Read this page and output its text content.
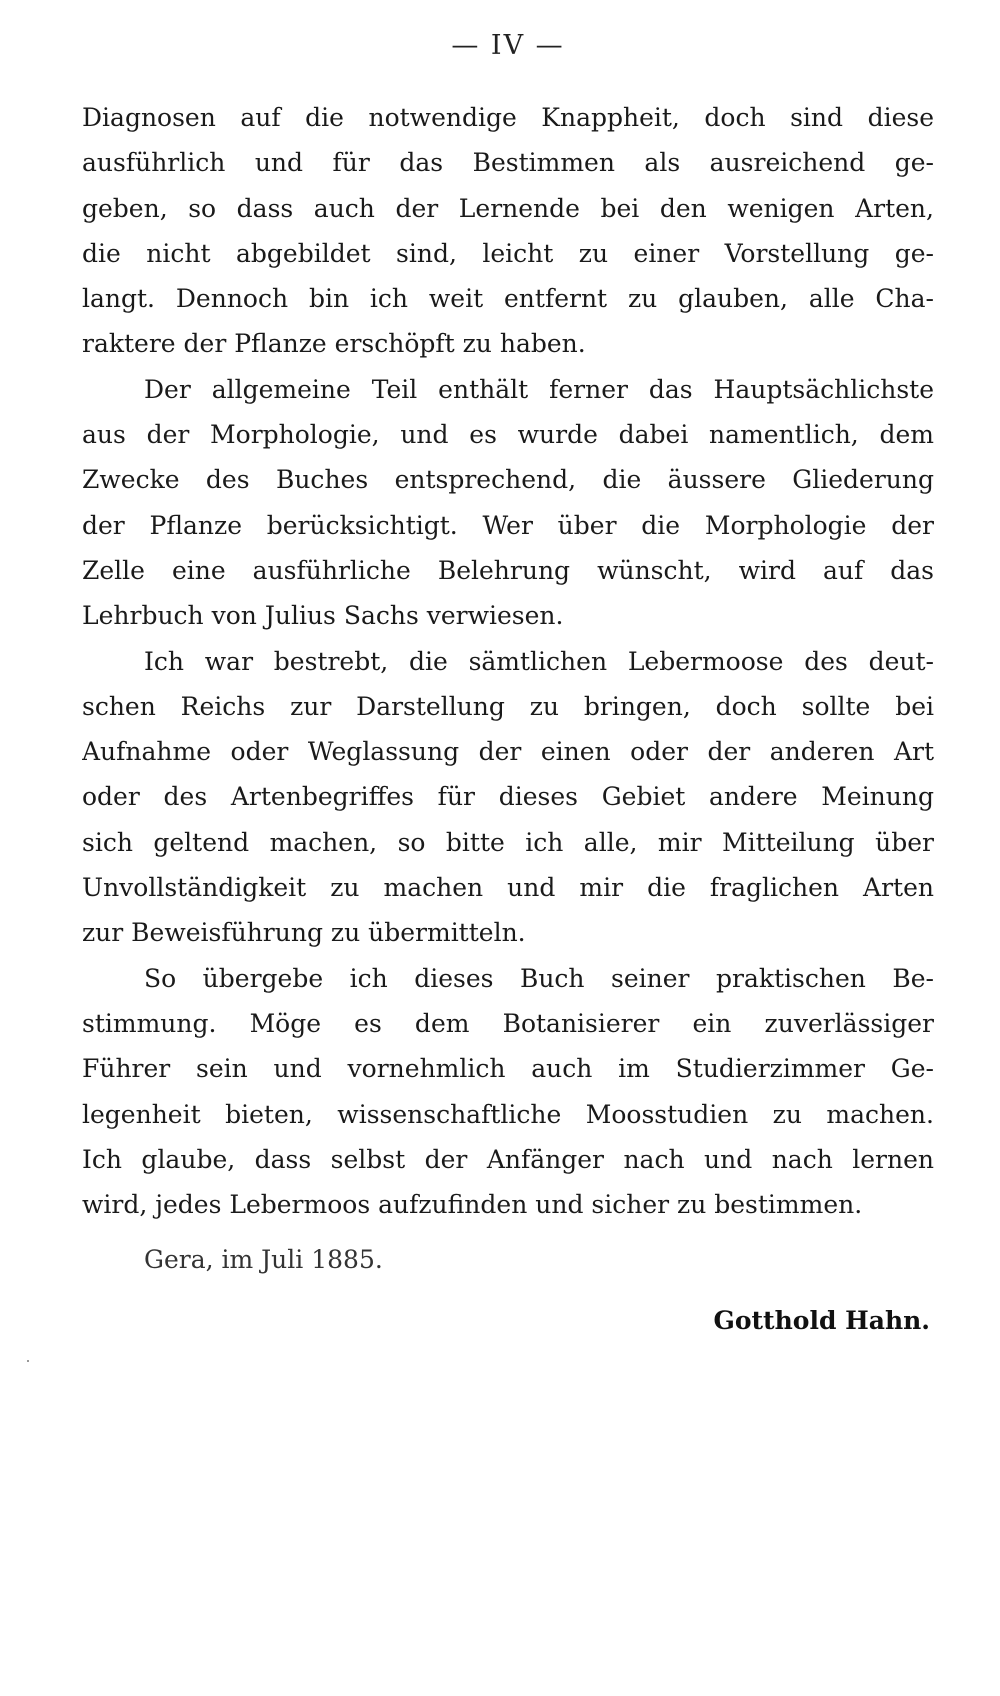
— IV —
Diagnosen auf die notwendige Knappheit, doch sind diese
ausführlich und für das Bestimmen als ausreichend ge-
geben, so dass auch der Lernende bei den wenigen Arten,
die nicht abgebildet sind, leicht zu einer Vorstellung ge-
langt. Dennoch bin ich weit entfernt zu glauben, alle Cha-
raktere der Pflanze erschöpft zu haben.
Der allgemeine Teil enthält ferner das Hauptsächlichste
aus der Morphologie, und es wurde dabei namentlich, dem
Zwecke des Buches entsprechend, die äussere Gliederung
der Pflanze berücksichtigt. Wer über die Morphologie der
Zelle eine ausführliche Belehrung wünscht, wird auf das
Lehrbuch von Julius Sachs verwiesen.
Ich war bestrebt, die sämtlichen Lebermoose des deut-
schen Reichs zur Darstellung zu bringen, doch sollte bei
Aufnahme oder Weglassung der einen oder der anderen Art
oder des Artenbegriffes für dieses Gebiet andere Meinung
sich geltend machen, so bitte ich alle, mir Mitteilung über
Unvollständigkeit zu machen und mir die fraglichen Arten
zur Beweisführung zu übermitteln.
So übergebe ich dieses Buch seiner praktischen Be-
stimmung. Möge es dem Botanisierer ein zuverlässiger
Führer sein und vornehmlich auch im Studierzimmer Ge-
legenheit bieten, wissenschaftliche Moosstudien zu machen.
Ich glaube, dass selbst der Anfänger nach und nach lernen
wird, jedes Lebermoos aufzufinden und sicher zu bestimmen.
Gera, im Juli 1885.
Gotthold Hahn.
